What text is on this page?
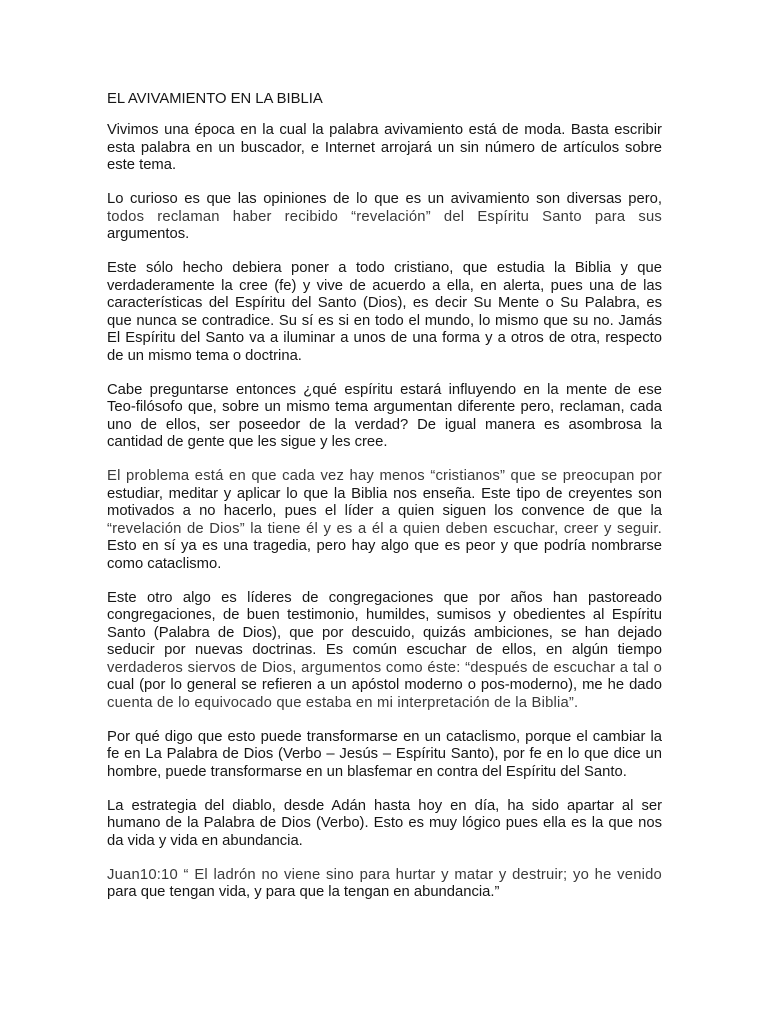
EL AVIVAMIENTO EN LA BIBLIA
Vivimos una época en la cual la palabra avivamiento está de moda. Basta escribir
esta palabra en un buscador, e Internet arrojará un sin número de artículos sobre
este tema.
Lo curioso es que las opiniones de lo que es un avivamiento son diversas pero,
todos reclaman haber recibido “revelación” del Espíritu Santo para sus
argumentos.
Este sólo hecho debiera poner a todo cristiano, que estudia la Biblia y que
verdaderamente la cree (fe) y vive de acuerdo a ella, en alerta, pues una de las
características del Espíritu del Santo (Dios), es decir Su Mente o Su Palabra, es
que nunca se contradice. Su sí es si en todo el mundo, lo mismo que su no. Jamás
El Espíritu del Santo va a iluminar a unos de una forma y a otros de otra, respecto
de un mismo tema o doctrina.
Cabe preguntarse entonces ¿qué espíritu estará influyendo en la mente de ese
Teo-filósofo que, sobre un mismo tema argumentan diferente pero, reclaman, cada
uno de ellos, ser poseedor de la verdad? De igual manera es asombrosa la
cantidad de gente que les sigue y les cree.
El problema está en que cada vez hay menos “cristianos” que se preocupan por
estudiar, meditar y aplicar lo que la Biblia nos enseña. Este tipo de creyentes son
motivados a no hacerlo, pues el líder a quien siguen los convence de que la
“revelación de Dios” la tiene él y es a él a quien deben escuchar, creer y seguir.
Esto en sí ya es una tragedia, pero hay algo que es peor y que podría nombrarse
como cataclismo.
Este otro algo es líderes de congregaciones que por años han pastoreado
congregaciones, de buen testimonio, humildes, sumisos y obedientes al Espíritu
Santo (Palabra de Dios), que por descuido, quizás ambiciones, se han dejado
seducir por nuevas doctrinas. Es común escuchar de ellos, en algún tiempo
verdaderos siervos de Dios, argumentos como éste: “después de escuchar a tal o
cual (por lo general se refieren a un apóstol moderno o pos-moderno), me he dado
cuenta de lo equivocado que estaba en mi interpretación de la Biblia”.
Por qué digo que esto puede transformarse en un cataclismo, porque el cambiar la
fe en La Palabra de Dios (Verbo – Jesús – Espíritu Santo), por fe en lo que dice un
hombre, puede transformarse en un blasfemar en contra del Espíritu del Santo.
La estrategia del diablo, desde Adán hasta hoy en día, ha sido apartar al ser
humano de la Palabra de Dios (Verbo). Esto es muy lógico pues ella es la que nos
da vida y vida en abundancia.
Juan10:10 “ El ladrón no viene sino para hurtar y matar y destruir; yo he venido
para que tengan vida, y para que la tengan en abundancia.”
